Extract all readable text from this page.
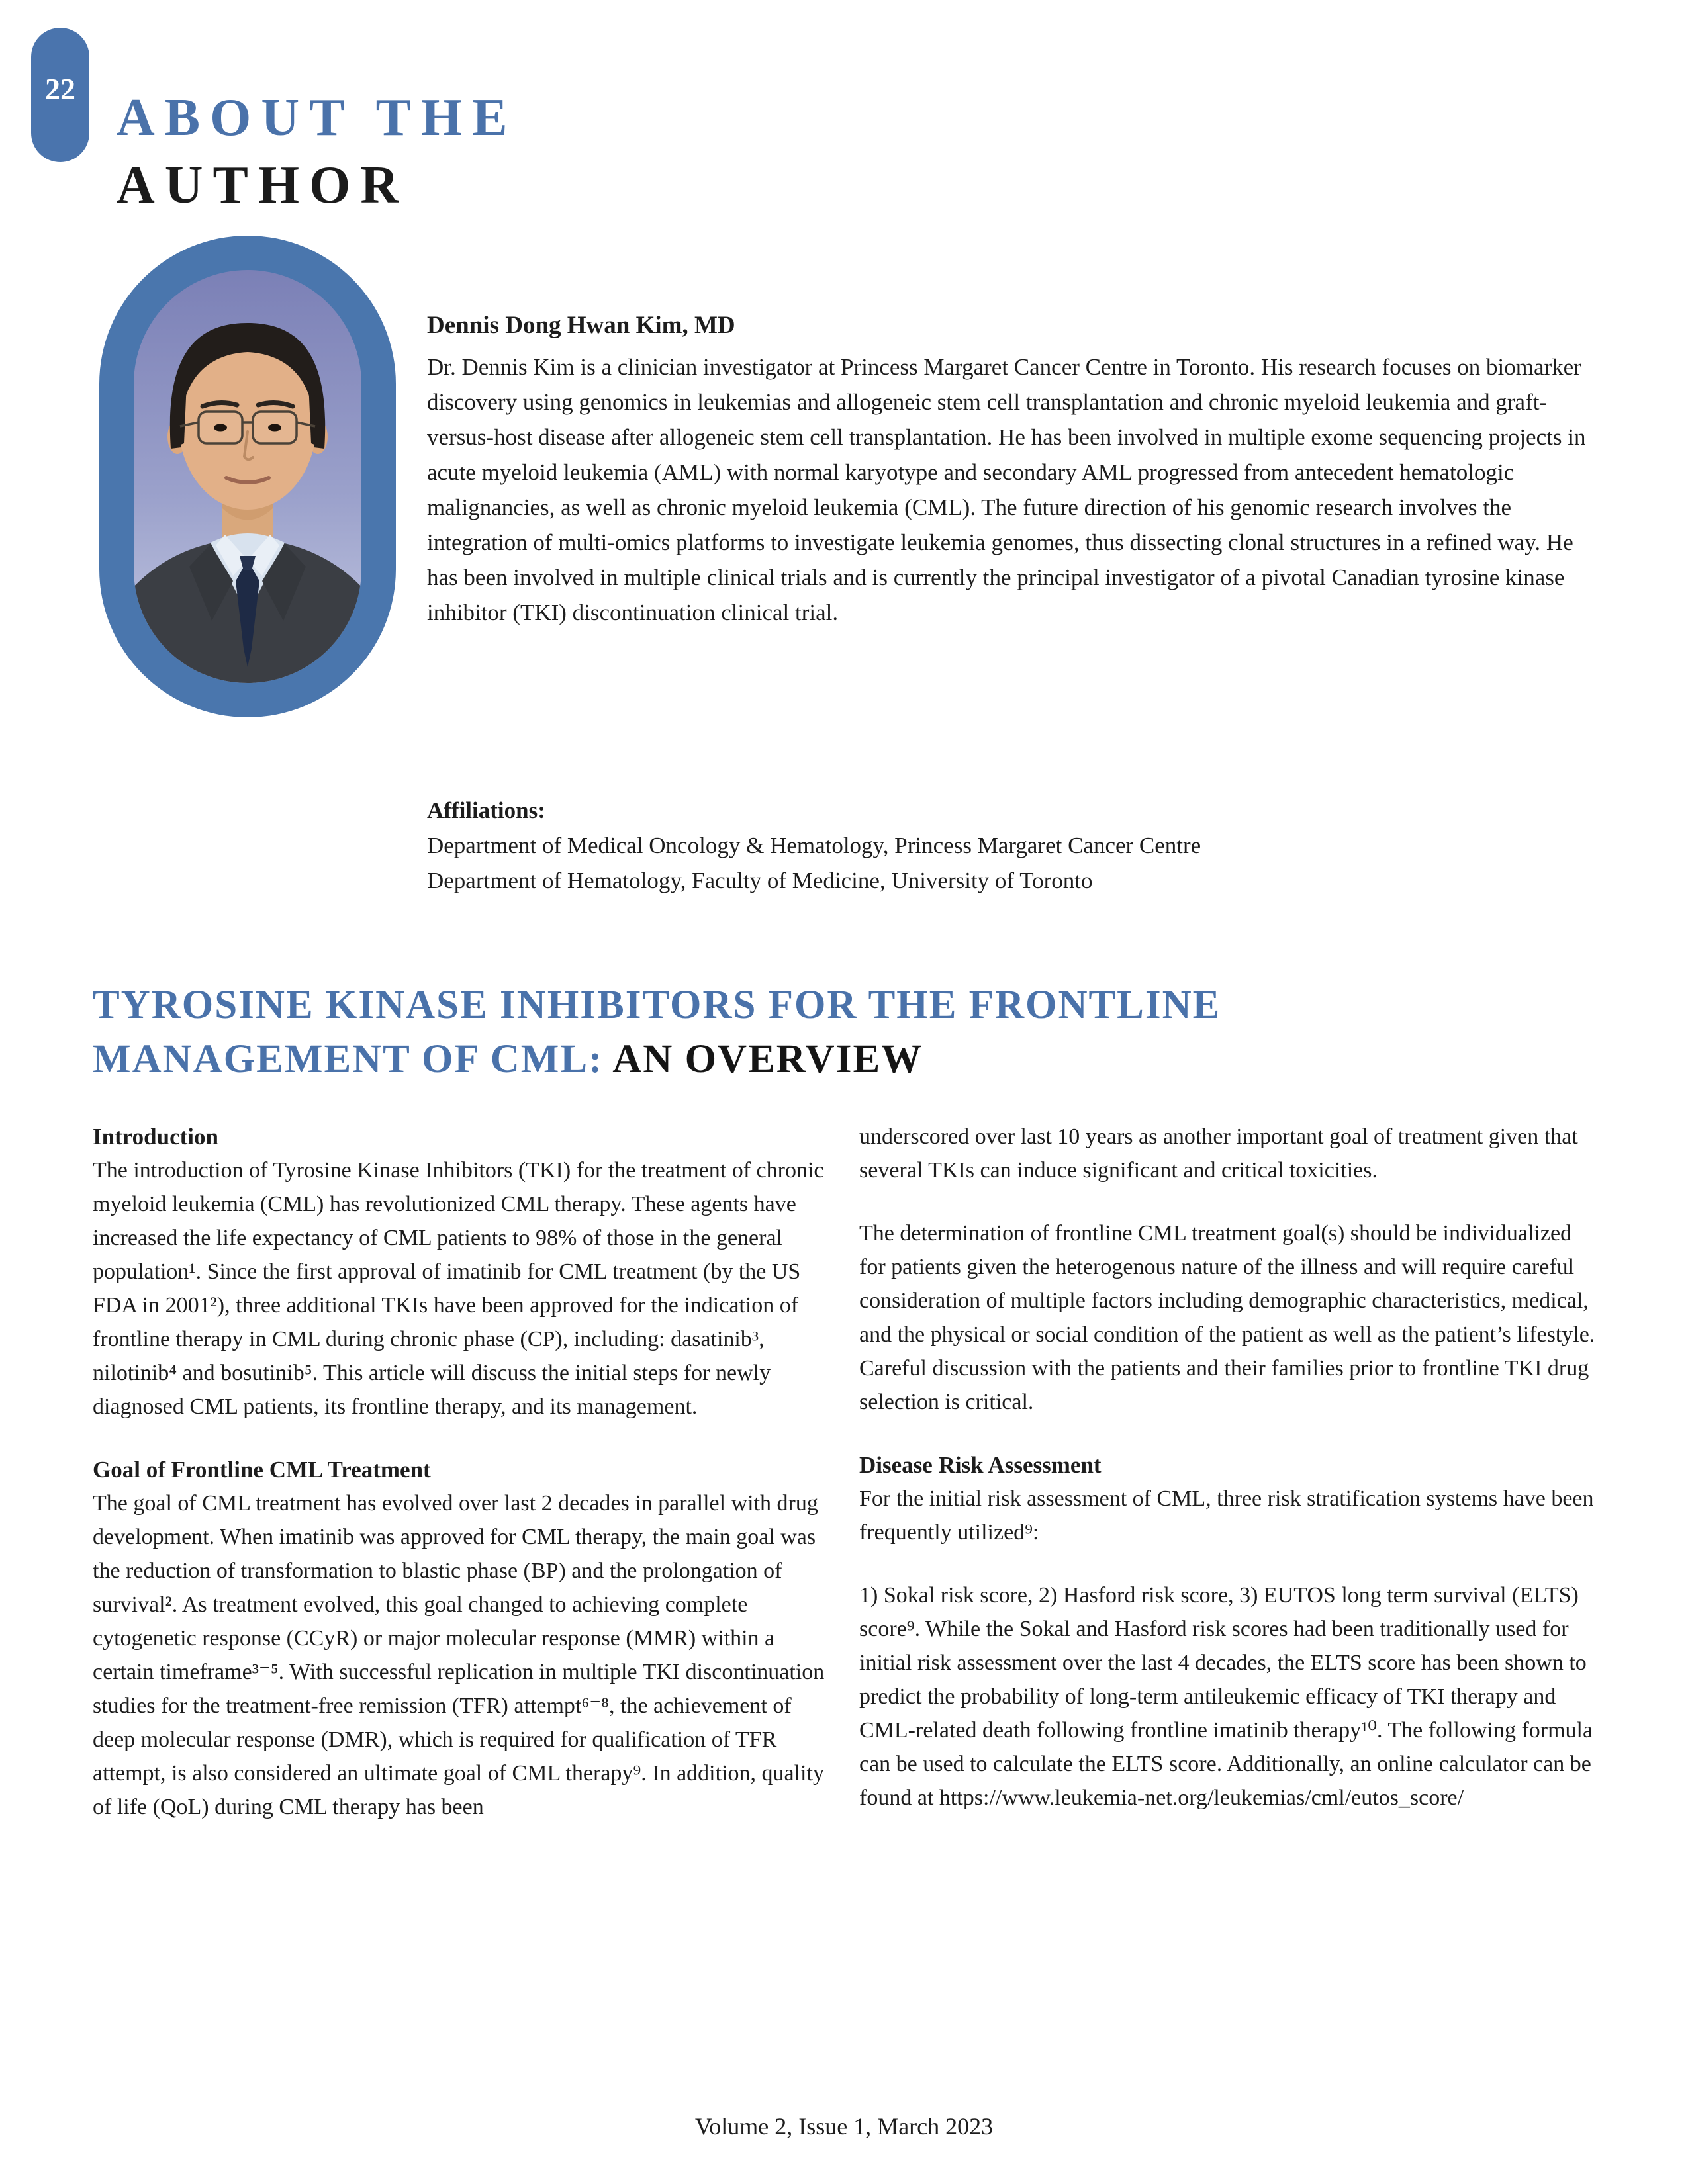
22 ABOUT THE
AUTHOR
Dennis Dong Hwan Kim, MD
Dr. Dennis Kim is a clinician investigator at Princess Margaret Cancer Centre in Toronto. His research focuses on biomarker discovery using genomics in leukemias and allogeneic stem cell transplantation and chronic myeloid leukemia and graft-versus-host disease after allogeneic stem cell transplantation. He has been involved in multiple exome sequencing projects in acute myeloid leukemia (AML) with normal karyotype and secondary AML progressed from antecedent hematologic malignancies, as well as chronic myeloid leukemia (CML). The future direction of his genomic research involves the integration of multi-omics platforms to investigate leukemia genomes, thus dissecting clonal structures in a refined way. He has been involved in multiple clinical trials and is currently the principal investigator of a pivotal Canadian tyrosine kinase inhibitor (TKI) discontinuation clinical trial.
Affiliations:
Department of Medical Oncology & Hematology, Princess Margaret Cancer Centre
Department of Hematology, Faculty of Medicine, University of Toronto
TYROSINE KINASE INHIBITORS FOR THE FRONTLINE
MANAGEMENT OF CML: AN OVERVIEW
Introduction

The introduction of Tyrosine Kinase Inhibitors (TKI) for the treatment of chronic myeloid leukemia (CML) has revolutionized CML therapy. These agents have increased the life expectancy of CML patients to 98% of those in the general population¹. Since the first approval of imatinib for CML treatment (by the US FDA in 2001²), three additional TKIs have been approved for the indication of frontline therapy in CML during chronic phase (CP), including: dasatinib³, nilotinib⁴ and bosutinib⁵. This article will discuss the initial steps for newly diagnosed CML patients, its frontline therapy, and its management.

Goal of Frontline CML Treatment

The goal of CML treatment has evolved over last 2 decades in parallel with drug development. When imatinib was approved for CML therapy, the main goal was the reduction of transformation to blastic phase (BP) and the prolongation of survival². As treatment evolved, this goal changed to achieving complete cytogenetic response (CCyR) or major molecular response (MMR) within a certain timeframe³⁻⁵. With successful replication in multiple TKI discontinuation studies for the treatment-free remission (TFR) attempt⁶⁻⁸, the achievement of deep molecular response (DMR), which is required for qualification of TFR attempt, is also considered an ultimate goal of CML therapy⁹. In addition, quality of life (QoL) during CML therapy has been

underscored over last 10 years as another important goal of treatment given that several TKIs can induce significant and critical toxicities.

The determination of frontline CML treatment goal(s) should be individualized for patients given the heterogenous nature of the illness and will require careful consideration of multiple factors including demographic characteristics, medical, and the physical or social condition of the patient as well as the patient’s lifestyle. Careful discussion with the patients and their families prior to frontline TKI drug selection is critical.

Disease Risk Assessment

For the initial risk assessment of CML, three risk stratification systems have been frequently utilized⁹:

1) Sokal risk score, 2) Hasford risk score, 3) EUTOS long term survival (ELTS) score⁹. While the Sokal and Hasford risk scores had been traditionally used for initial risk assessment over the last 4 decades, the ELTS score has been shown to predict the probability of long-term antileukemic efficacy of TKI therapy and CML-related death following frontline imatinib therapy¹⁰. The following formula can be used to calculate the ELTS score. Additionally, an online calculator can be found at https://www.leukemia-net.org/leukemias/cml/eutos_score/

Volume 2, Issue 1, March 2023
